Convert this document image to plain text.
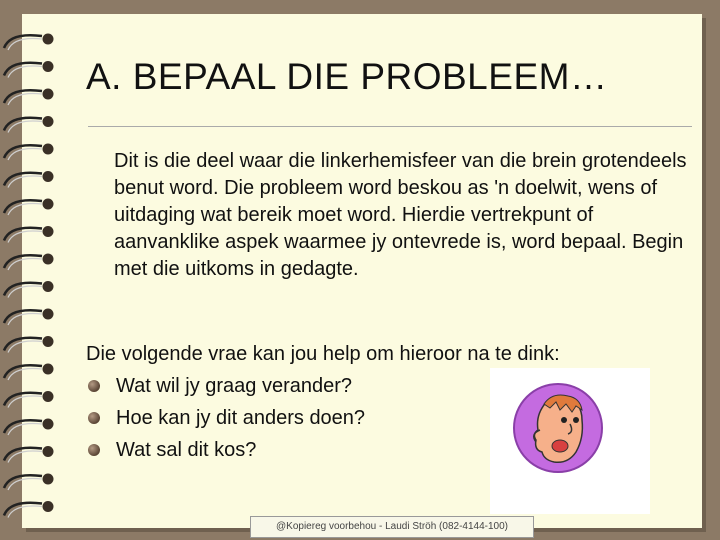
A. BEPAAL DIE PROBLEEM…

Dit is die deel waar die linkerhemisfeer van die brein grotendeels benut word. Die probleem word beskou as 'n doelwit, wens of uitdaging wat bereik moet word. Hierdie vertrekpunt of aanvanklike aspek waarmee jy ontevrede is, word bepaal. Begin met die uitkoms in gedagte.

Die volgende vrae kan jou help om hieroor na te dink:

Wat wil jy graag verander?
Hoe kan jy dit anders doen?
Wat sal dit kos?
@Kopiereg voorbehou - Laudi Ströh (082-4144-100)
